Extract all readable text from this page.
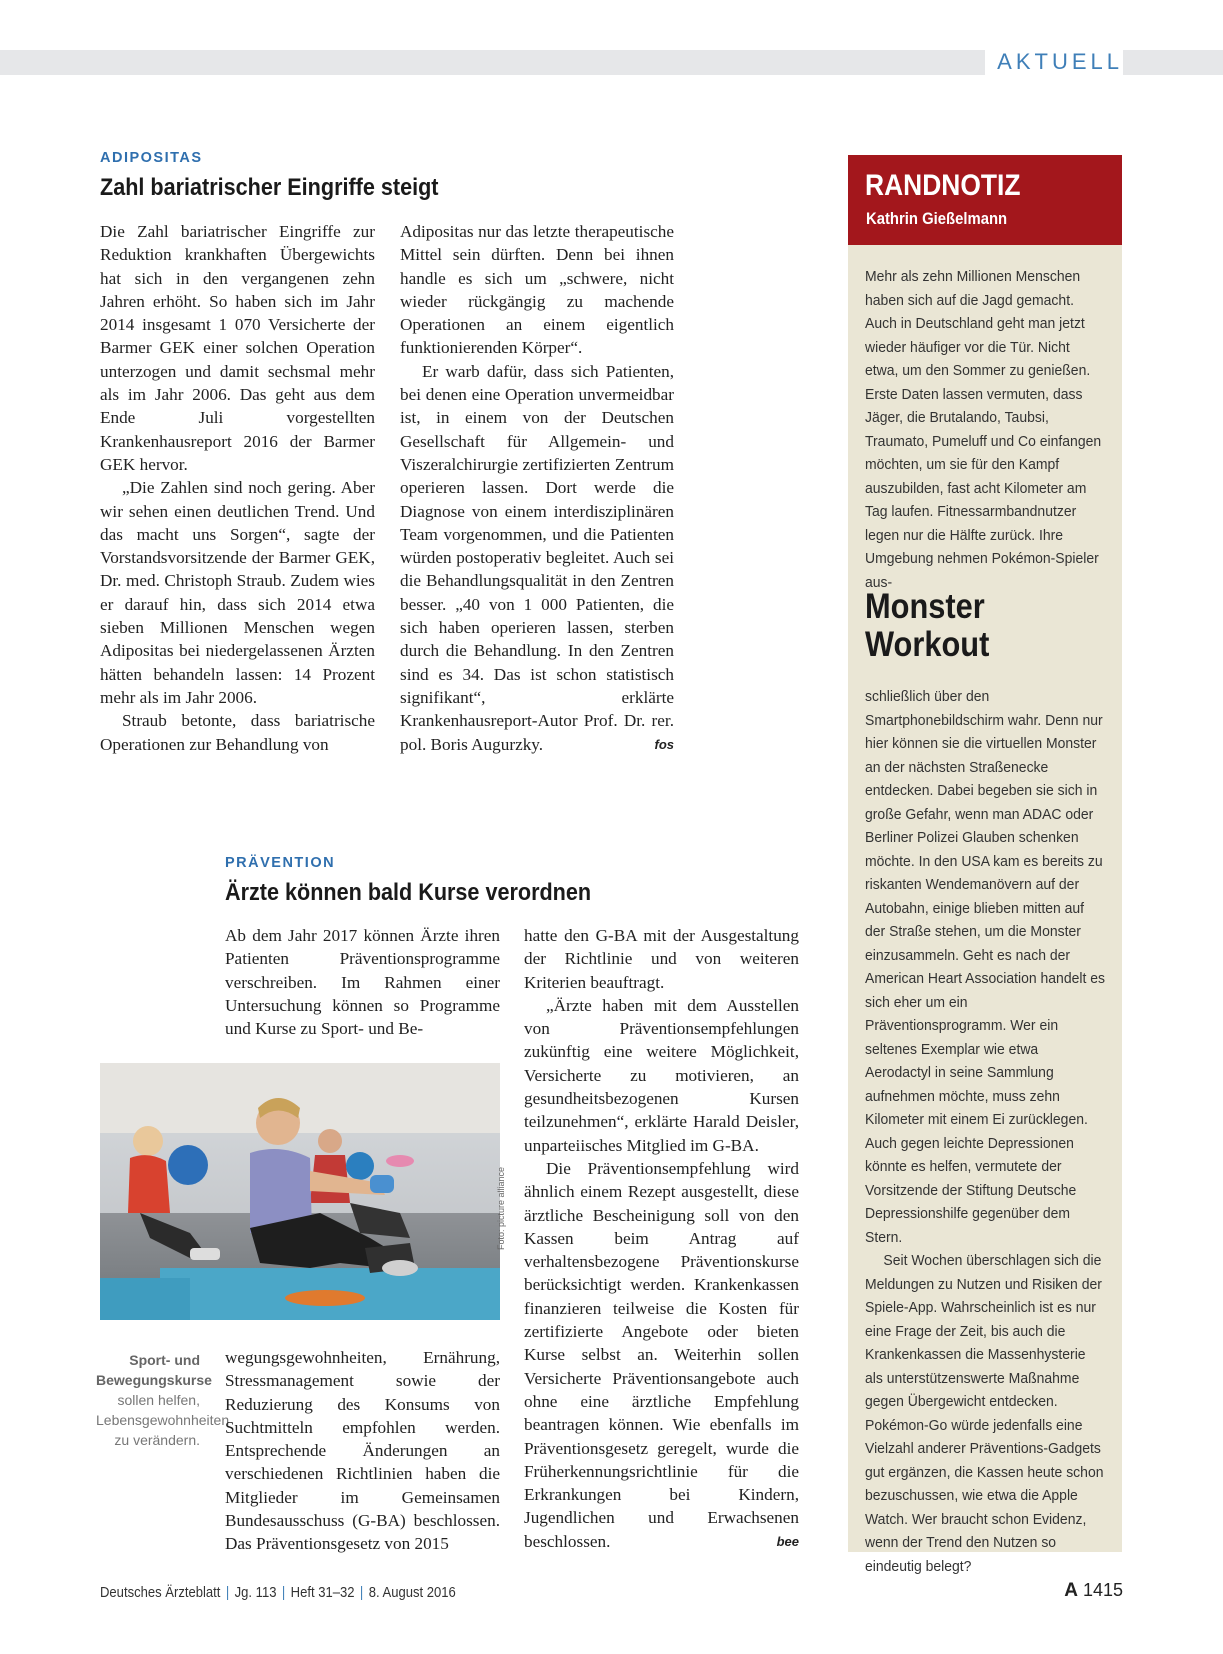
AKTUELL
ADIPOSITAS
Zahl bariatrischer Eingriffe steigt

Die Zahl bariatrischer Eingriffe zur Reduktion krankhaften Übergewichts hat sich in den vergangenen zehn Jahren erhöht. So haben sich im Jahr 2014 insgesamt 1 070 Versicherte der Barmer GEK einer solchen Operation unterzogen und damit sechsmal mehr als im Jahr 2006. Das geht aus dem Ende Juli vorgestellten Krankenhausreport 2016 der Barmer GEK hervor.

„Die Zahlen sind noch gering. Aber wir sehen einen deutlichen Trend. Und das macht uns Sorgen“, sagte der Vorstandsvorsitzende der Barmer GEK, Dr. med. Christoph Straub. Zudem wies er darauf hin, dass sich 2014 etwa sieben Millionen Menschen wegen Adipositas bei niedergelassenen Ärzten hätten behandeln lassen: 14 Prozent mehr als im Jahr 2006.

Straub betonte, dass bariatrische Operationen zur Behandlung von

Adipositas nur das letzte therapeutische Mittel sein dürften. Denn bei ihnen handle es sich um „schwere, nicht wieder rückgängig zu machende Operationen an einem eigentlich funktionierenden Körper“.

Er warb dafür, dass sich Patienten, bei denen eine Operation unvermeidbar ist, in einem von der Deutschen Gesellschaft für Allgemein- und Viszeralchirurgie zertifizierten Zentrum operieren lassen. Dort werde die Diagnose von einem interdisziplinären Team vorgenommen, und die Patienten würden postoperativ begleitet. Auch sei die Behandlungsqualität in den Zentren besser. „40 von 1 000 Patienten, die sich haben operieren lassen, sterben durch die Behandlung. In den Zentren sind es 34. Das ist schon statistisch signifikant“, erklärte Krankenhausreport-Autor Prof. Dr. rer. pol. Boris Augurzky.	fos

PRÄVENTION
Ärzte können bald Kurse verordnen

Ab dem Jahr 2017 können Ärzte ihren Patienten Präventionsprogramme verschreiben. Im Rahmen einer Untersuchung können so Programme und Kurse zu Sport- und Be-

Foto: picture alliance
Sport- und Bewegungskurse sollen helfen, Lebensgewohnheiten zu verändern.

wegungsgewohnheiten, Ernährung, Stressmanagement sowie der Reduzierung des Konsums von Suchtmitteln empfohlen werden. Entsprechende Änderungen an verschiedenen Richtlinien haben die Mitglieder im Gemeinsamen Bundesausschuss (G-BA) beschlossen. Das Präventionsgesetz von 2015

hatte den G-BA mit der Ausgestaltung der Richtlinie und von weiteren Kriterien beauftragt.

„Ärzte haben mit dem Ausstellen von Präventionsempfehlungen zukünftig eine weitere Möglichkeit, Versicherte zu motivieren, an gesundheitsbezogenen Kursen teilzunehmen“, erklärte Harald Deisler, unparteiisches Mitglied im G-BA.

Die Präventionsempfehlung wird ähnlich einem Rezept ausgestellt, diese ärztliche Bescheinigung soll von den Kassen beim Antrag auf verhaltensbezogene Präventionskurse berücksichtigt werden. Krankenkassen finanzieren teilweise die Kosten für zertifizierte Angebote oder bieten Kurse selbst an. Weiterhin sollen Versicherte Präventionsangebote auch ohne eine ärztliche Empfehlung beantragen können. Wie ebenfalls im Präventionsgesetz geregelt, wurde die Früherkennungsrichtlinie für die Erkrankungen bei Kindern, Jugendlichen und Erwachsenen beschlossen.	bee

RANDNOTIZ
Kathrin Gießelmann

Mehr als zehn Millionen Menschen haben sich auf die Jagd gemacht. Auch in Deutschland geht man jetzt wieder häufiger vor die Tür. Nicht etwa, um den Sommer zu genießen. Erste Daten lassen vermuten, dass Jäger, die Brutalando, Taubsi, Traumato, Pumeluff und Co einfangen möchten, um sie für den Kampf auszubilden, fast acht Kilometer am Tag laufen. Fitnessarmbandnutzer legen nur die Hälfte zurück. Ihre Umgebung nehmen Pokémon-Spieler aus-

Monster
Workout

schließlich über den Smartphonebildschirm wahr. Denn nur hier können sie die virtuellen Monster an der nächsten Straßenecke entdecken. Dabei begeben sie sich in große Gefahr, wenn man ADAC oder Berliner Polizei Glauben schenken möchte. In den USA kam es bereits zu riskanten Wendemanövern auf der Autobahn, einige blieben mitten auf der Straße stehen, um die Monster einzusammeln. Geht es nach der American Heart Association handelt es sich eher um ein Präventionsprogramm. Wer ein seltenes Exemplar wie etwa Aerodactyl in seine Sammlung aufnehmen möchte, muss zehn Kilometer mit einem Ei zurücklegen. Auch gegen leichte Depressionen könnte es helfen, vermutete der Vorsitzende der Stiftung Deutsche Depressionshilfe gegenüber dem Stern.

Seit Wochen überschlagen sich die Meldungen zu Nutzen und Risiken der Spiele-App. Wahrscheinlich ist es nur eine Frage der Zeit, bis auch die Krankenkassen die Massenhysterie als unterstützenswerte Maßnahme gegen Übergewicht entdecken. Pokémon-Go würde jedenfalls eine Vielzahl anderer Präventions-Gadgets gut ergänzen, die Kassen heute schon bezuschussen, wie etwa die Apple Watch. Wer braucht schon Evidenz, wenn der Trend den Nutzen so eindeutig belegt?

Deutsches Ärzteblatt | Jg. 113 | Heft 31–32 | 8. August 2016	A 1415
